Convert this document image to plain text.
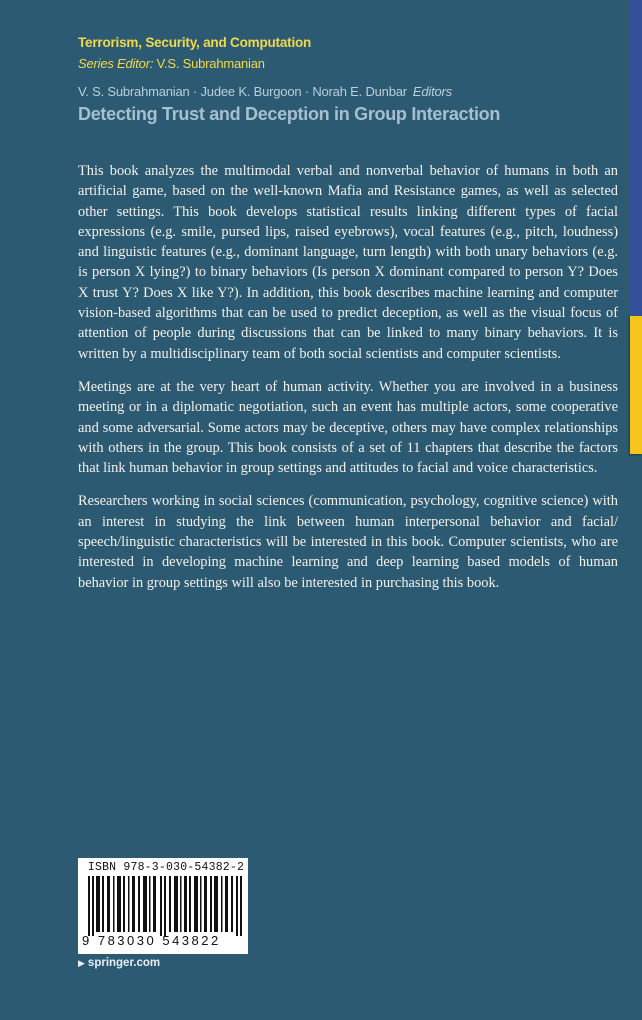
Terrorism, Security, and Computation
Series Editor: V.S. Subrahmanian
V. S. Subrahmanian · Judee K. Burgoon · Norah E. Dunbar Editors
Detecting Trust and Deception in Group Interaction

This book analyzes the multimodal verbal and nonverbal behavior of humans in both an artificial game, based on the well-known Mafia and Resistance games, as well as selected other settings. This book develops statistical results linking different types of facial expressions (e.g. smile, pursed lips, raised eyebrows), vocal features (e.g., pitch, loudness) and linguistic features (e.g., dominant language, turn length) with both unary behaviors (e.g. is person X lying?) to binary behaviors (Is person X dominant compared to person Y? Does X trust Y? Does X like Y?). In addition, this book describes machine learning and computer vision-based algorithms that can be used to predict deception, as well as the visual focus of attention of people during discussions that can be linked to many binary behaviors. It is written by a multidisciplinary team of both social scientists and computer scientists.

Meetings are at the very heart of human activity. Whether you are involved in a business meeting or in a diplomatic negotiation, such an event has multiple actors, some cooperative and some adversarial. Some actors may be deceptive, others may have complex relationships with others in the group. This book consists of a set of 11 chapters that describe the factors that link human behavior in group settings and attitudes to facial and voice characteristics.

Researchers working in social sciences (communication, psychology, cognitive science) with an interest in studying the link between human interpersonal behavior and facial/ speech/linguistic characteristics will be interested in this book. Computer scientists, who are interested in developing machine learning and deep learning based models of human behavior in group settings will also be interested in purchasing this book.

ISBN 978-3-030-54382-2
9 783030 543822
▶ springer.com
